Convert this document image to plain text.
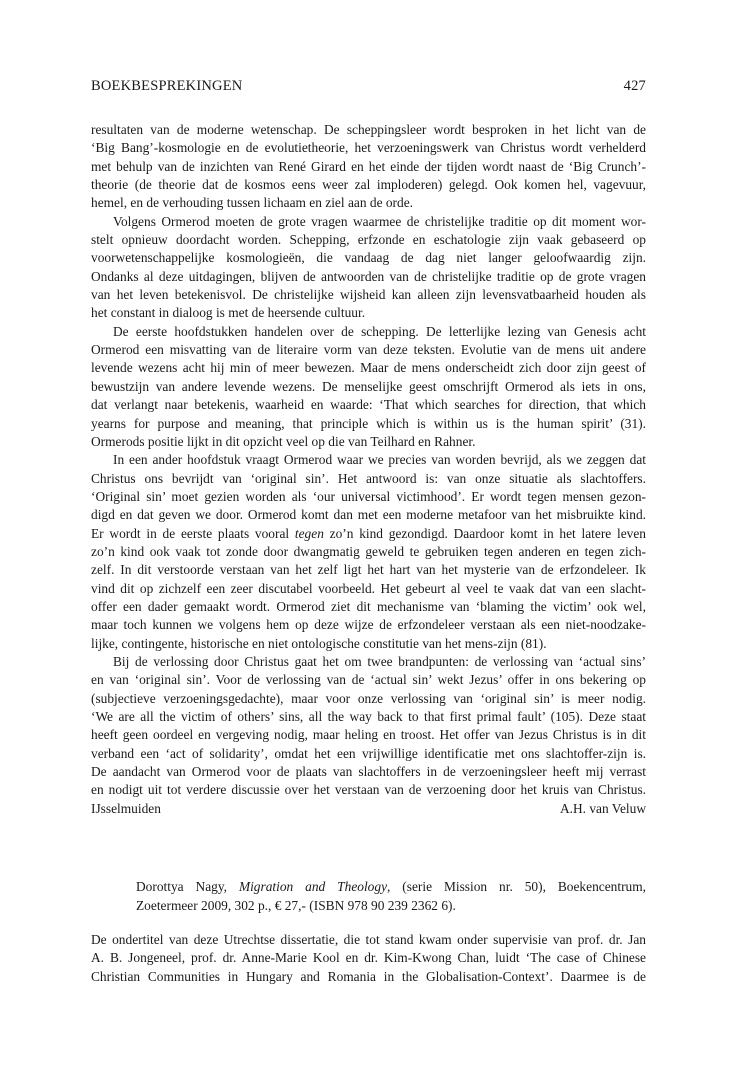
BOEKBESPREKINGEN	427
resultaten van de moderne wetenschap. De scheppingsleer wordt besproken in het licht van de
‘Big Bang’-kosmologie en de evolutietheorie, het verzoeningswerk van Christus wordt verhelderd
met behulp van de inzichten van René Girard en het einde der tijden wordt naast de ‘Big Crunch’-
theorie (de theorie dat de kosmos eens weer zal imploderen) gelegd. Ook komen hel, vagevuur,
hemel, en de verhouding tussen lichaam en ziel aan de orde.
Volgens Ormerod moeten de grote vragen waarmee de christelijke traditie op dit moment wor-
stelt opnieuw doordacht worden. Schepping, erfzonde en eschatologie zijn vaak gebaseerd op
voorwetenschappelijke kosmologieën, die vandaag de dag niet langer geloofwaardig zijn.
Ondanks al deze uitdagingen, blijven de antwoorden van de christelijke traditie op de grote vragen
van het leven betekenisvol. De christelijke wijsheid kan alleen zijn levensvatbaarheid houden als
het constant in dialoog is met de heersende cultuur.
De eerste hoofdstukken handelen over de schepping. De letterlijke lezing van Genesis acht
Ormerod een misvatting van de literaire vorm van deze teksten. Evolutie van de mens uit andere
levende wezens acht hij min of meer bewezen. Maar de mens onderscheidt zich door zijn geest of
bewustzijn van andere levende wezens. De menselijke geest omschrijft Ormerod als iets in ons,
dat verlangt naar betekenis, waarheid en waarde: ‘That which searches for direction, that which
yearns for purpose and meaning, that principle which is within us is the human spirit’ (31).
Ormerods positie lijkt in dit opzicht veel op die van Teilhard en Rahner.
In een ander hoofdstuk vraagt Ormerod waar we precies van worden bevrijd, als we zeggen dat
Christus ons bevrijdt van ‘original sin’. Het antwoord is: van onze situatie als slachtoffers.
‘Original sin’ moet gezien worden als ‘our universal victimhood’. Er wordt tegen mensen gezon-
digd en dat geven we door. Ormerod komt dan met een moderne metafoor van het misbruikte kind.
Er wordt in de eerste plaats vooral tegen zo’n kind gezondigd. Daardoor komt in het latere leven
zo’n kind ook vaak tot zonde door dwangmatig geweld te gebruiken tegen anderen en tegen zich-
zelf. In dit verstoorde verstaan van het zelf ligt het hart van het mysterie van de erfzondeleer. Ik
vind dit op zichzelf een zeer discutabel voorbeeld. Het gebeurt al veel te vaak dat van een slacht-
offer een dader gemaakt wordt. Ormerod ziet dit mechanisme van ‘blaming the victim’ ook wel,
maar toch kunnen we volgens hem op deze wijze de erfzondeleer verstaan als een niet-noodzake-
lijke, contingente, historische en niet ontologische constitutie van het mens-zijn (81).
Bij de verlossing door Christus gaat het om twee brandpunten: de verlossing van ‘actual sins’
en van ‘original sin’. Voor de verlossing van de ‘actual sin’ wekt Jezus’ offer in ons bekering op
(subjectieve verzoeningsgedachte), maar voor onze verlossing van ‘original sin’ is meer nodig.
‘We are all the victim of others’ sins, all the way back to that first primal fault’ (105). Deze staat
heeft geen oordeel en vergeving nodig, maar heling en troost. Het offer van Jezus Christus is in dit
verband een ‘act of solidarity’, omdat het een vrijwillige identificatie met ons slachtoffer-zijn is.
De aandacht van Ormerod voor de plaats van slachtoffers in de verzoeningsleer heeft mij verrast
en nodigt uit tot verdere discussie over het verstaan van de verzoening door het kruis van Christus.
IJsselmuiden	A.H. van Veluw
Dorottya Nagy, Migration and Theology, (serie Mission nr. 50), Boekencentrum,
Zoetermeer 2009, 302 p., € 27,- (ISBN 978 90 239 2362 6).
De ondertitel van deze Utrechtse dissertatie, die tot stand kwam onder supervisie van prof. dr. Jan
A. B. Jongeneel, prof. dr. Anne-Marie Kool en dr. Kim-Kwong Chan, luidt ‘The case of Chinese
Christian Communities in Hungary and Romania in the Globalisation-Context’. Daarmee is de
